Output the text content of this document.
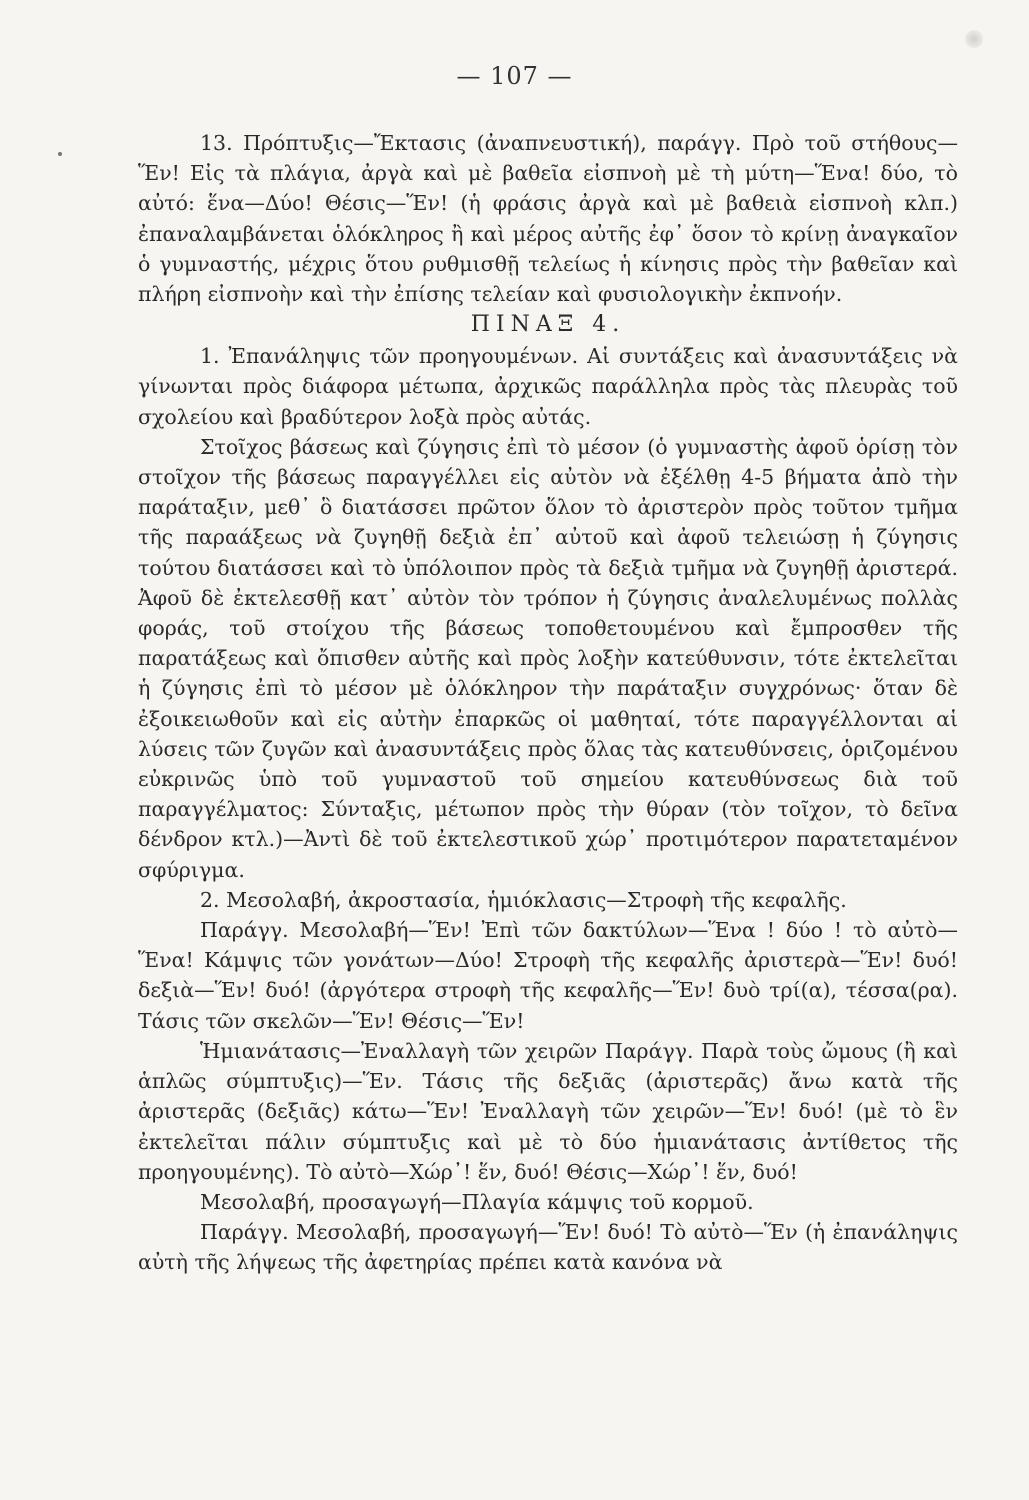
— 107 —

13. Πρόπτυξις—Ἔκτασις (ἀναπνευστική), παράγγ. Πρὸ τοῦ στήθους—Ἕν! Εἰς τὰ πλάγια, ἀργὰ καὶ μὲ βαθεῖα εἰσπνοὴ μὲ τὴ μύτη—Ἕνα! δύο, τὸ αὐτό: ἕνα—Δύο! Θέσις—Ἕν! (ἡ φράσις ἀργὰ καὶ μὲ βαθειὰ εἰσπνοὴ κλπ.) ἐπαναλαμβάνεται ὁλόκληρος ἢ καὶ μέρος αὐτῆς ἐφ᾿ ὅσον τὸ κρίνῃ ἀναγκαῖον ὁ γυμναστής, μέχρις ὅτου ρυθμισθῇ τελείως ἡ κίνησις πρὸς τὴν βαθεῖαν καὶ πλήρη εἰσπνοὴν καὶ τὴν ἐπίσης τελείαν καὶ φυσιολογικὴν ἐκπνοήν.

ΠΙΝΑΞ 4.

1. Ἐπανάληψις τῶν προηγουμένων. Αἱ συντάξεις καὶ ἀνασυντάξεις νὰ γίνωνται πρὸς διάφορα μέτωπα, ἀρχικῶς παράλληλα πρὸς τὰς πλευρὰς τοῦ σχολείου καὶ βραδύτερον λοξὰ πρὸς αὐτάς.

Στοῖχος βάσεως καὶ ζύγησις ἐπὶ τὸ μέσον (ὁ γυμναστὴς ἀφοῦ ὁρίσῃ τὸν στοῖχον τῆς βάσεως παραγγέλλει εἰς αὐτὸν νὰ ἐξέλθῃ 4-5 βήματα ἀπὸ τὴν παράταξιν, μεθ᾿ ὃ διατάσσει πρῶτον ὅλον τὸ ἀριστερὸν πρὸς τοῦτον τμῆμα τῆς παραάξεως νὰ ζυγηθῇ δεξιὰ ἐπ᾿ αὐτοῦ καὶ ἀφοῦ τελειώσῃ ἡ ζύγησις τούτου διατάσσει καὶ τὸ ὑπόλοιπον πρὸς τὰ δεξιὰ τμῆμα νὰ ζυγηθῇ ἀριστερά. Ἀφοῦ δὲ ἐκτελεσθῇ κατ᾿ αὐτὸν τὸν τρόπον ἡ ζύγησις ἀναλελυμένως πολλὰς φοράς, τοῦ στοίχου τῆς βάσεως τοποθετουμένου καὶ ἔμπροσθεν τῆς παρατάξεως καὶ ὄπισθεν αὐτῆς καὶ πρὸς λοξὴν κατεύθυνσιν, τότε ἐκτελεῖται ἡ ζύγησις ἐπὶ τὸ μέσον μὲ ὁλόκληρον τὴν παράταξιν συγχρόνως· ὅταν δὲ ἐξοικειωθοῦν καὶ εἰς αὐτὴν ἐπαρκῶς οἱ μαθηταί, τότε παραγγέλλονται αἱ λύσεις τῶν ζυγῶν καὶ ἀνασυντάξεις πρὸς ὅλας τὰς κατευθύνσεις, ὁριζομένου εὐκρινῶς ὑπὸ τοῦ γυμναστοῦ τοῦ σημείου κατευθύνσεως διὰ τοῦ παραγγέλματος: Σύνταξις, μέτωπον πρὸς τὴν θύραν (τὸν τοῖχον, τὸ δεῖνα δένδρον κτλ.)—Ἀντὶ δὲ τοῦ ἐκτελεστικοῦ χώρ᾿ προτιμότερον παρατεταμένον σφύριγμα.

2. Μεσολαβή, ἀκροστασία, ἡμιόκλασις—Στροφὴ τῆς κεφαλῆς.

Παράγγ. Μεσολαβή—Ἕν! Ἐπὶ τῶν δακτύλων—Ἕνα ! δύο ! τὸ αὐτὸ—Ἕνα! Κάμψις τῶν γονάτων—Δύο! Στροφὴ τῆς κεφαλῆς ἀριστερὰ—Ἕν! δυό! δεξιὰ—Ἕν! δυό! (ἀργότερα στροφὴ τῆς κεφαλῆς—Ἕν! δυὸ τρί(α), τέσσα(ρα). Τάσις τῶν σκελῶν—Ἕν! Θέσις—Ἕν!

Ἡμιανάτασις—Ἐναλλαγὴ τῶν χειρῶν Παράγγ. Παρὰ τοὺς ὤμους (ἢ καὶ ἁπλῶς σύμπτυξις)—Ἕν. Τάσις τῆς δεξιᾶς (ἀριστερᾶς) ἄνω κατὰ τῆς ἀριστερᾶς (δεξιᾶς) κάτω—Ἕν! Ἐναλλαγὴ τῶν χειρῶν—Ἕν! δυό! (μὲ τὸ ἓν ἐκτελεῖται πάλιν σύμπτυξις καὶ μὲ τὸ δύο ἡμιανάτασις ἀντίθετος τῆς προηγουμένης). Τὸ αὐτὸ—Χώρ᾿! ἕν, δυό! Θέσις—Χώρ᾿! ἕν, δυό!

Μεσολαβή, προσαγωγή—Πλαγία κάμψις τοῦ κορμοῦ.

Παράγγ. Μεσολαβή, προσαγωγή—Ἕν! δυό! Τὸ αὐτὸ—Ἕν (ἡ ἐπανάληψις αὐτὴ τῆς λήψεως τῆς ἀφετηρίας πρέπει κατὰ κανόνα νὰ
